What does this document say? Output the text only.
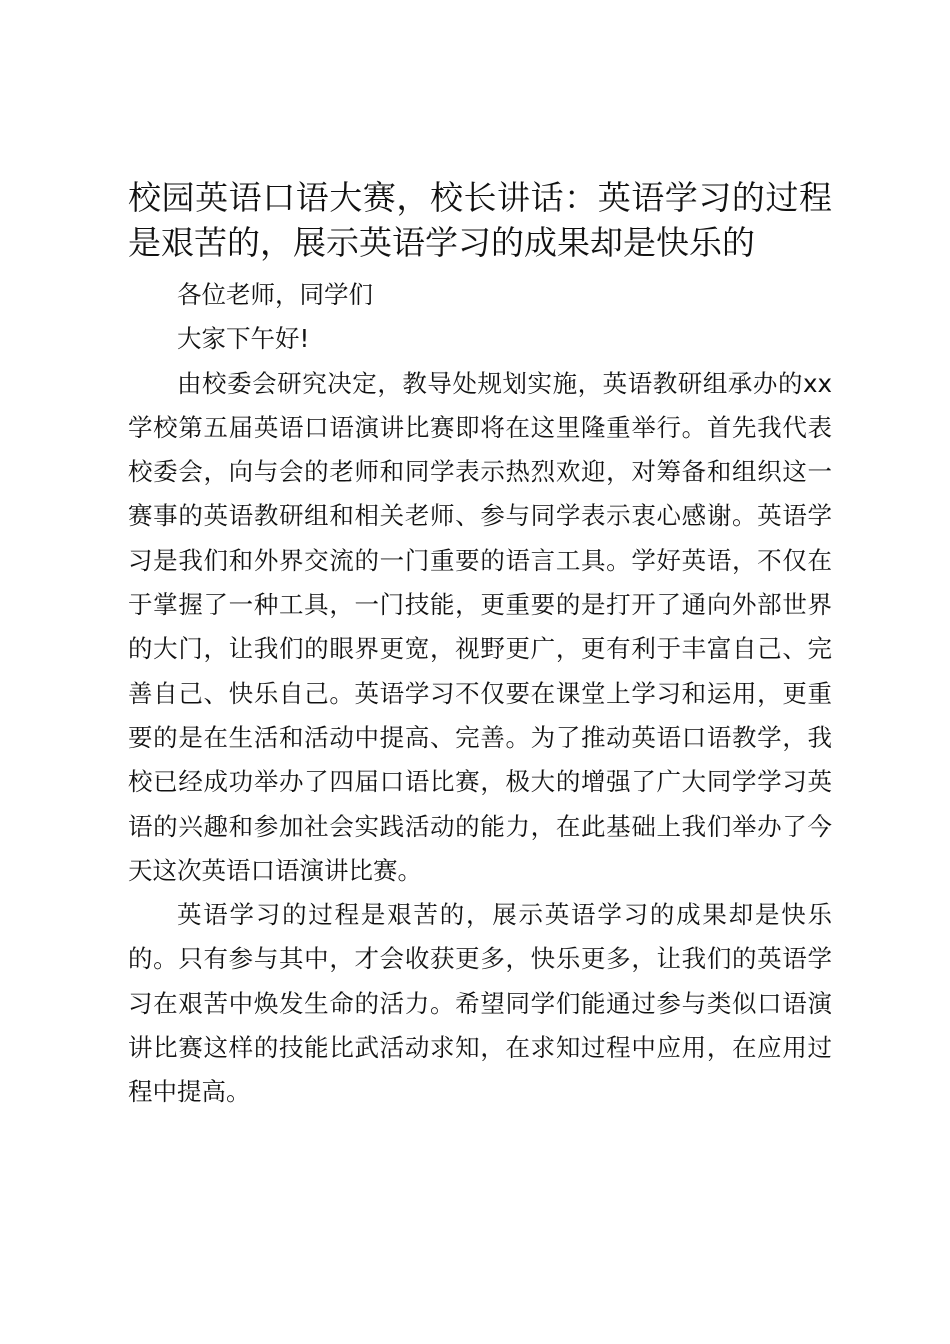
校园英语口语大赛，校长讲话：英语学习的过程是艰苦的，展示英语学习的成果却是快乐的

各位老师，同学们

大家下午好!

由校委会研究决定，教导处规划实施，英语教研组承办的xx学校第五届英语口语演讲比赛即将在这里隆重举行。首先我代表校委会，向与会的老师和同学表示热烈欢迎，对筹备和组织这一赛事的英语教研组和相关老师、参与同学表示衷心感谢。英语学习是我们和外界交流的一门重要的语言工具。学好英语，不仅在于掌握了一种工具，一门技能，更重要的是打开了通向外部世界的大门，让我们的眼界更宽，视野更广，更有利于丰富自己、完善自己、快乐自己。英语学习不仅要在课堂上学习和运用，更重要的是在生活和活动中提高、完善。为了推动英语口语教学，我校已经成功举办了四届口语比赛，极大的增强了广大同学学习英语的兴趣和参加社会实践活动的能力，在此基础上我们举办了今天这次英语口语演讲比赛。

英语学习的过程是艰苦的，展示英语学习的成果却是快乐的。只有参与其中，才会收获更多，快乐更多，让我们的英语学习在艰苦中焕发生命的活力。希望同学们能通过参与类似口语演讲比赛这样的技能比武活动求知，在求知过程中应用，在应用过程中提高。
